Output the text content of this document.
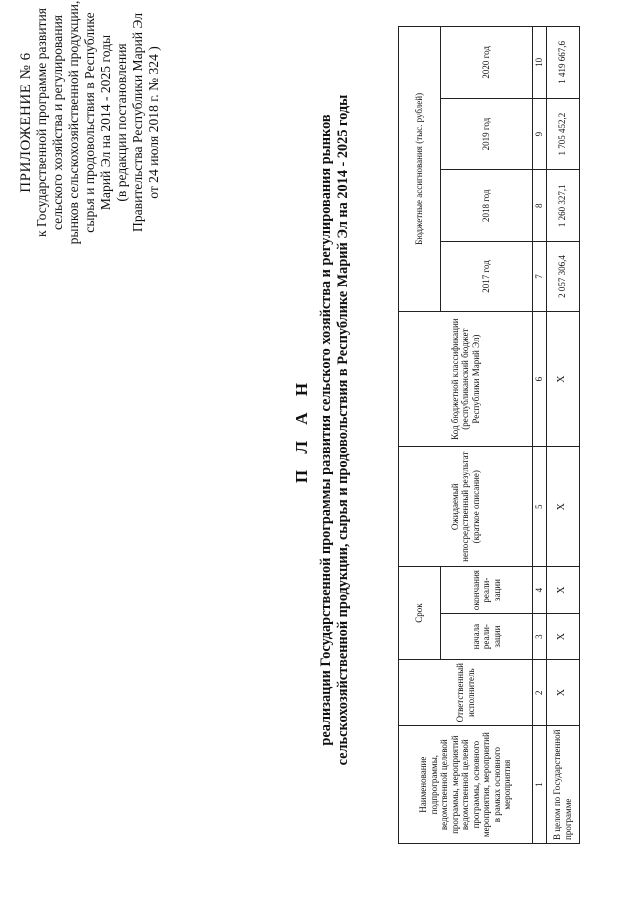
ПРИЛОЖЕНИЕ № 6 к Государственной программе развития сельского хозяйства и регулирования рынков сельскохозяйственной продукции, сырья и продовольствия в Республике Марий Эл на 2014 - 2025 годы (в редакции постановления Правительства Республики Марий Эл от 24 июля 2018 г. № 324 )
П Л А Н реализации Государственной программы развития сельского хозяйства и регулирования рынков сельскохозяйственной продукции, сырья и продовольствия в Республике Марий Эл на 2014 - 2025 годы
Наименование подпрограммы, ведомственной целевой программы, мероприятий ведомственной целевой программы, основного мероприятия, мероприятий в рамках основного мероприятия	Ответственный исполнитель	Срок		Ожидаемый непосредственный результат (краткое описание)	Код бюджетной классификации (республиканский бюджет Республики Марий Эл)	Бюджетные ассигнования (тыс. рублей)			
		начала реали-зации	окончания реали-зации			2017 год	2018 год	2019 год	2020 год
1	2	3	4	5	6	7	8	9	10
В целом по Государственной программе	Х	Х	Х	Х	Х	2 057 306,4	1 260 327,1	1 705 452,2	1 419 667,6
